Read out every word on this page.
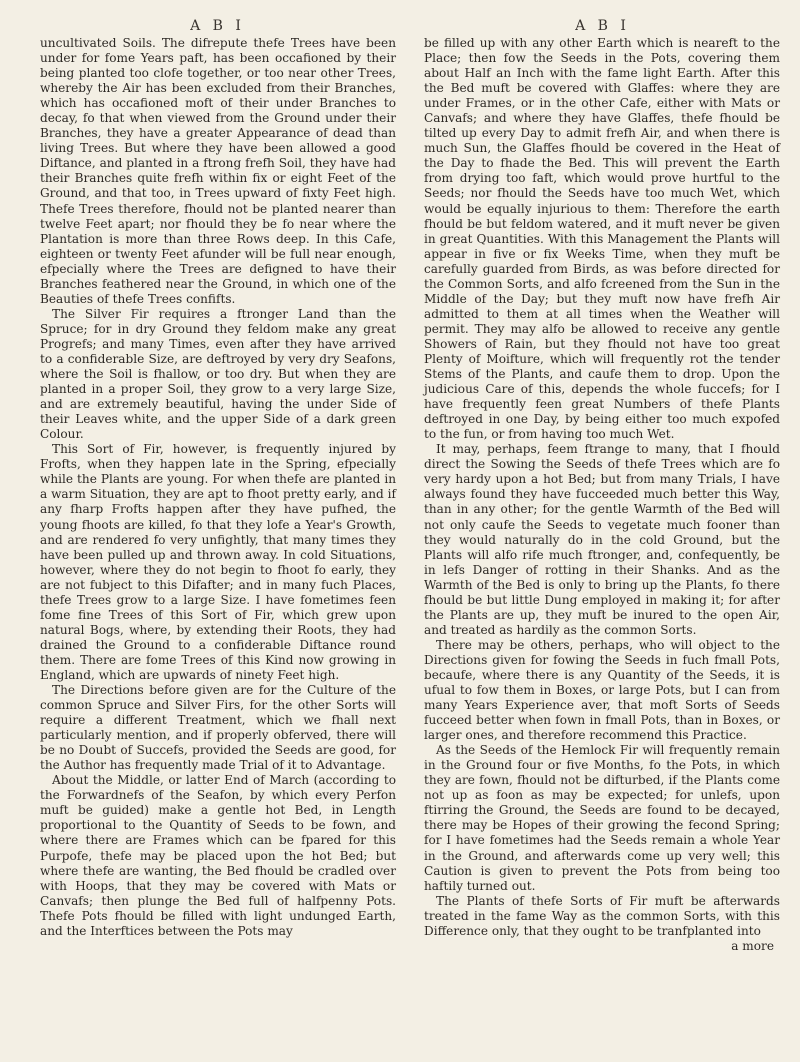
A B I	A B I

uncultivated Soils. The difrepute thefe Trees have been under for fome Years paft, has been occafioned by their being planted too clofe together, or too near other Trees, whereby the Air has been excluded from their Branches, which has occafioned moft of their under Branches to decay, fo that when viewed from the Ground under their Branches, they have a greater Appearance of dead than living Trees. But where they have been allowed a good Diftance, and planted in a ftrong frefh Soil, they have had their Branches quite frefh within fix or eight Feet of the Ground, and that too, in Trees upward of fixty Feet high. Thefe Trees therefore, fhould not be planted nearer than twelve Feet apart; nor fhould they be fo near where the Plantation is more than three Rows deep. In this Cafe, eighteen or twenty Feet afunder will be full near enough, efpecially where the Trees are defigned to have their Branches feathered near the Ground, in which one of the Beauties of thefe Trees confifts.

The Silver Fir requires a ftronger Land than the Spruce; for in dry Ground they feldom make any great Progrefs; and many Times, even after they have arrived to a confiderable Size, are deftroyed by very dry Seafons, where the Soil is fhallow, or too dry. But when they are planted in a proper Soil, they grow to a very large Size, and are extremely beautiful, having the under Side of their Leaves white, and the upper Side of a dark green Colour.

This Sort of Fir, however, is frequently injured by Frofts, when they happen late in the Spring, efpecially while the Plants are young. For when thefe are planted in a warm Situation, they are apt to fhoot pretty early, and if any fharp Frofts happen after they have pufhed, the young fhoots are killed, fo that they lofe a Year's Growth, and are rendered fo very unfightly, that many times they have been pulled up and thrown away. In cold Situations, however, where they do not begin to fhoot fo early, they are not fubject to this Difafter; and in many fuch Places, thefe Trees grow to a large Size. I have fometimes feen fome fine Trees of this Sort of Fir, which grew upon natural Bogs, where, by extending their Roots, they had drained the Ground to a confiderable Diftance round them. There are fome Trees of this Kind now growing in England, which are upwards of ninety Feet high.

The Directions before given are for the Culture of the common Spruce and Silver Firs, for the other Sorts will require a different Treatment, which we fhall next particularly mention, and if properly obferved, there will be no Doubt of Succefs, provided the Seeds are good, for the Author has frequently made Trial of it to Advantage.

About the Middle, or latter End of March (according to the Forwardnefs of the Seafon, by which every Perfon muft be guided) make a gentle hot Bed, in Length proportional to the Quantity of Seeds to be fown, and where there are Frames which can be fpared for this Purpofe, thefe may be placed upon the hot Bed; but where thefe are wanting, the Bed fhould be cradled over with Hoops, that they may be covered with Mats or Canvafs; then plunge the Bed full of halfpenny Pots. Thefe Pots fhould be filled with light undunged Earth, and the Interftices between the Pots may

be filled up with any other Earth which is neareft to the Place; then fow the Seeds in the Pots, covering them about Half an Inch with the fame light Earth. After this the Bed muft be covered with Glaffes: where they are under Frames, or in the other Cafe, either with Mats or Canvafs; and where they have Glaffes, thefe fhould be tilted up every Day to admit frefh Air, and when there is much Sun, the Glaffes fhould be covered in the Heat of the Day to fhade the Bed. This will prevent the Earth from drying too faft, which would prove hurtful to the Seeds; nor fhould the Seeds have too much Wet, which would be equally injurious to them: Therefore the earth fhould be but feldom watered, and it muft never be given in great Quantities. With this Management the Plants will appear in five or fix Weeks Time, when they muft be carefully guarded from Birds, as was before directed for the Common Sorts, and alfo fcreened from the Sun in the Middle of the Day; but they muft now have frefh Air admitted to them at all times when the Weather will permit. They may alfo be allowed to receive any gentle Showers of Rain, but they fhould not have too great Plenty of Moifture, which will frequently rot the tender Stems of the Plants, and caufe them to drop. Upon the judicious Care of this, depends the whole fuccefs; for I have frequently feen great Numbers of thefe Plants deftroyed in one Day, by being either too much expofed to the fun, or from having too much Wet.

It may, perhaps, feem ftrange to many, that I fhould direct the Sowing the Seeds of thefe Trees which are fo very hardy upon a hot Bed; but from many Trials, I have always found they have fucceeded much better this Way, than in any other; for the gentle Warmth of the Bed will not only caufe the Seeds to vegetate much fooner than they would naturally do in the cold Ground, but the Plants will alfo rife much ftronger, and, confequently, be in lefs Danger of rotting in their Shanks. And as the Warmth of the Bed is only to bring up the Plants, fo there fhould be but little Dung employed in making it; for after the Plants are up, they muft be inured to the open Air, and treated as hardily as the common Sorts.

There may be others, perhaps, who will object to the Directions given for fowing the Seeds in fuch fmall Pots, becaufe, where there is any Quantity of the Seeds, it is ufual to fow them in Boxes, or large Pots, but I can from many Years Experience aver, that moft Sorts of Seeds fucceed better when fown in fmall Pots, than in Boxes, or larger ones, and therefore recommend this Practice.

As the Seeds of the Hemlock Fir will frequently remain in the Ground four or five Months, fo the Pots, in which they are fown, fhould not be difturbed, if the Plants come not up as foon as may be expected; for unlefs, upon ftirring the Ground, the Seeds are found to be decayed, there may be Hopes of their growing the fecond Spring; for I have fometimes had the Seeds remain a whole Year in the Ground, and afterwards come up very well; this Caution is given to prevent the Pots from being too haftily turned out.

The Plants of thefe Sorts of Fir muft be afterwards treated in the fame Way as the common Sorts, with this Difference only, that they ought to be tranfplanted into

a more
